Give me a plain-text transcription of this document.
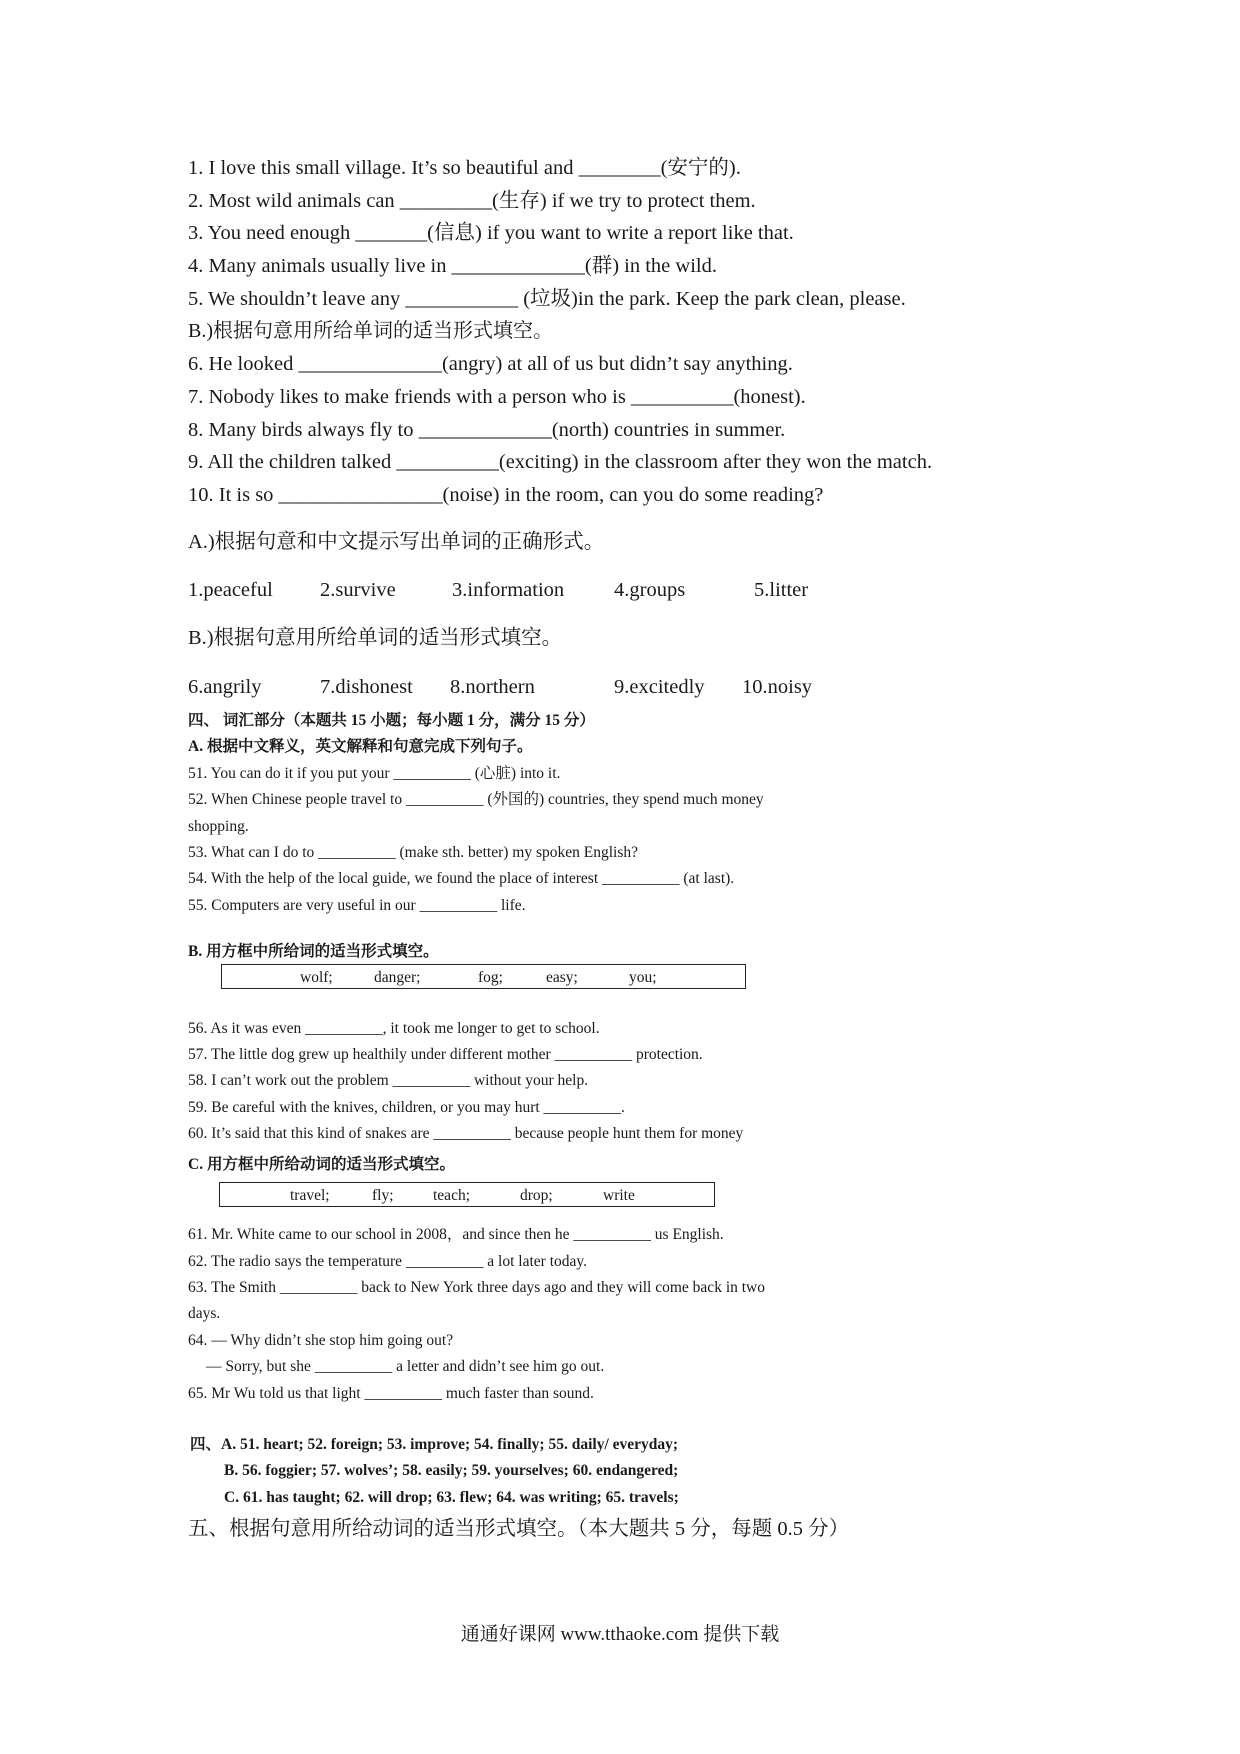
1. I love this small village. It’s so beautiful and ________(安宁的).
2. Most wild animals can _________(生存) if we try to protect them.
3. You need enough _______(信息) if you want to write a report like that.
4. Many animals usually live in _____________(群) in the wild.
5. We shouldn’t leave any ___________ (垃圾)in the park. Keep the park clean, please.
B.)根据句意用所给单词的适当形式填空。
6. He looked ______________(angry) at all of us but didn’t say anything.
7. Nobody likes to make friends with a person who is __________(honest).
8. Many birds always fly to _____________(north) countries in summer.
9. All the children talked __________(exciting) in the classroom after they won the match.
10. It is so ________________(noise) in the room, can you do some reading?
A.)根据句意和中文提示写出单词的正确形式。
1.peaceful	2.survive	3.information	4.groups	5.litter
B.)根据句意用所给单词的适当形式填空。
6.angrily	7.dishonest	8.northern	9.excitedly	10.noisy
四、 词汇部分（本题共 15 小题；每小题 1 分，满分 15 分）
A. 根据中文释义，英文解释和句意完成下列句子。
51. You can do it if you put your __________ (心脏) into it.
52. When Chinese people travel to __________ (外国的) countries, they spend much money
shopping.
53. What can I do to __________ (make sth. better) my spoken English?
54. With the help of the local guide, we found the place of interest __________ (at last).
55. Computers are very useful in our __________ life.
B. 用方框中所给词的适当形式填空。
56. As it was even __________, it took me longer to get to school.
57. The little dog grew up healthily under different mother __________ protection.
58. I can’t work out the problem __________ without your help.
59. Be careful with the knives, children, or you may hurt __________.
60. It’s said that this kind of snakes are __________ because people hunt them for money
C. 用方框中所给动词的适当形式填空。
61. Mr. White came to our school in 2008，and since then he __________ us English.
62. The radio says the temperature __________ a lot later today.
63. The Smith __________ back to New York three days ago and they will come back in two
days.
64. — Why didn’t she stop him going out?
— Sorry, but she __________ a letter and didn’t see him go out.
65. Mr Wu told us that light __________ much faster than sound.
wolf;	danger;	fog;	easy;	you;
travel;	fly;	teach;	drop;	write
四、A. 51. heart; 52. foreign; 53. improve; 54. finally; 55. daily/ everyday;
B. 56. foggier; 57. wolves’; 58. easily; 59. yourselves; 60. endangered;
C. 61. has taught; 62. will drop; 63. flew; 64. was writing; 65. travels;
五、根据句意用所给动词的适当形式填空。（本大题共 5 分，每题 0.5 分）
通通好课网 www.tthaoke.com 提供下载
